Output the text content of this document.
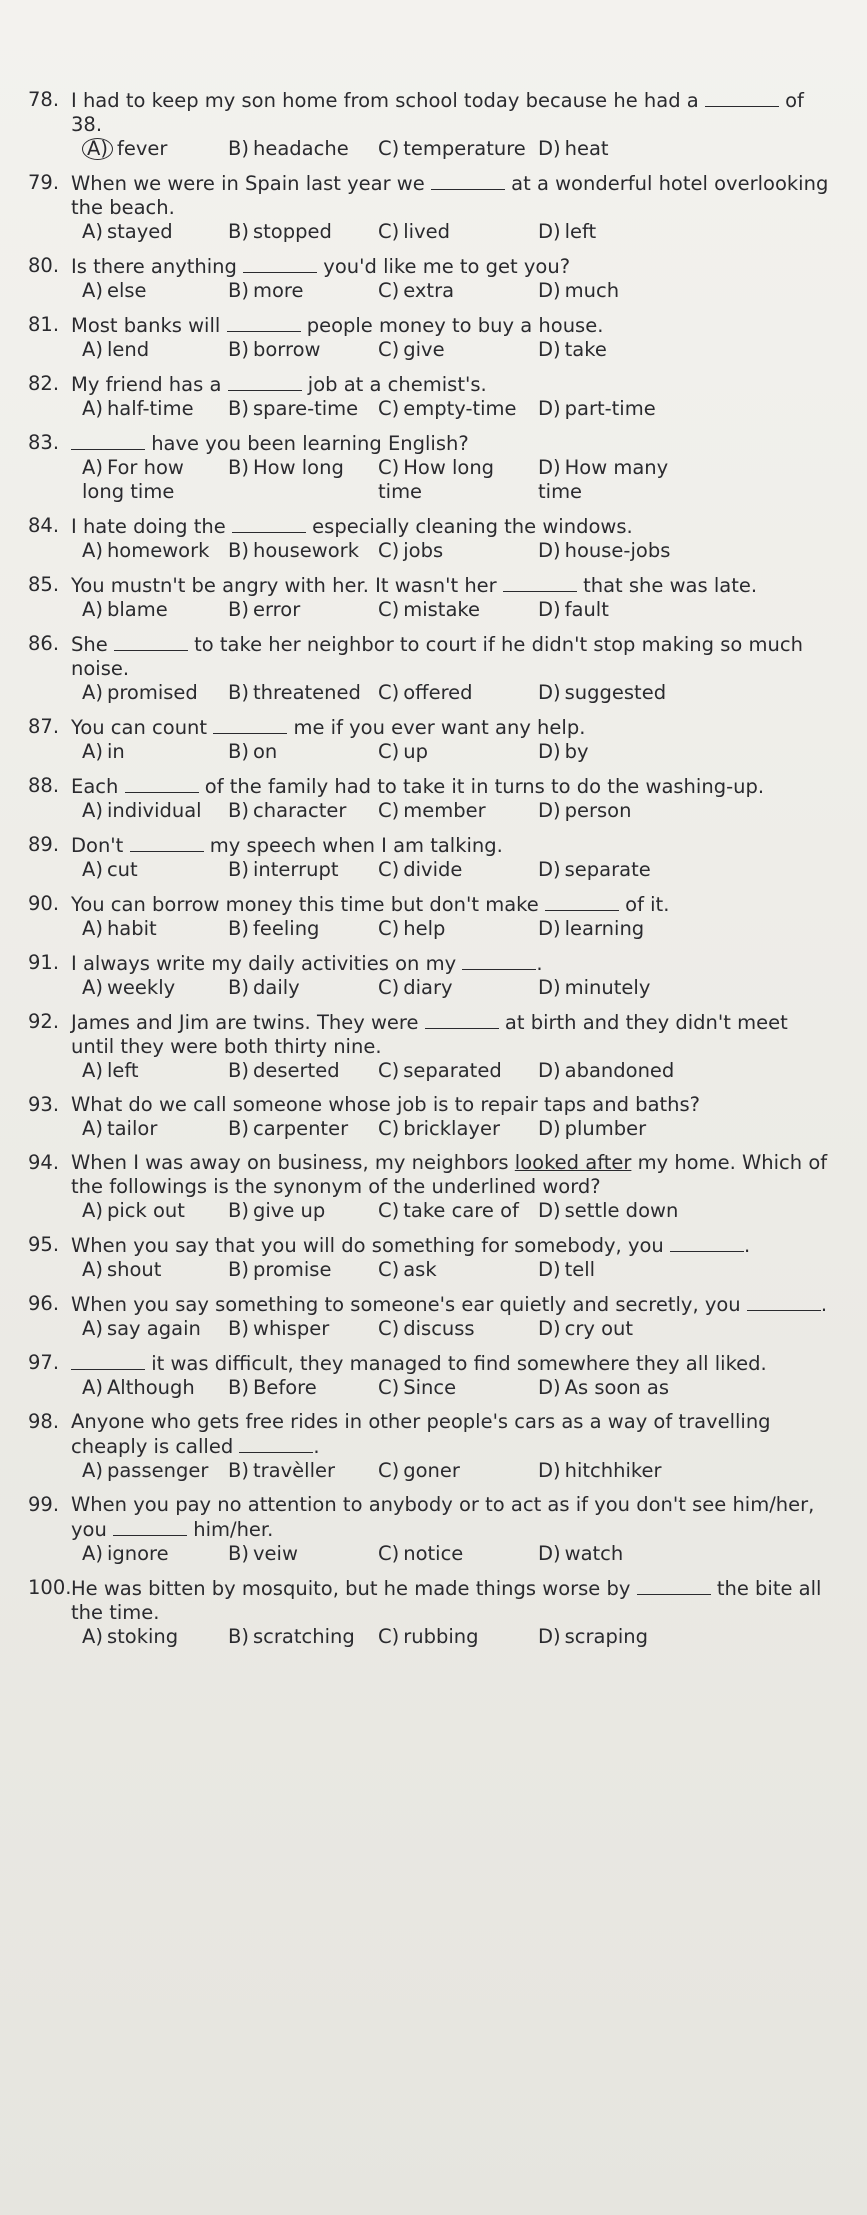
78. I had to keep my son home from school today because he had a	of 38.
A) fever	B) headache	C) temperature D) heat
79. When we were in Spain last year we	at a wonderful hotel overlooking the beach.
A) stayed	B) stopped	C) lived	D) left
80. Is there anything	you'd like me to get you?
A) else	B) more	C) extra	D) much
81. Most banks will	people money to buy a house.
A) lend	B) borrow	C) give	D) take
82. My friend has a	job at a chemist's.
A) half-time	B) spare-time	C) empty-time	D) part-time
83.	have you been learning English?
A) For how long time
B) How long	C) How long time
D) How many time
84. I hate doing the	especially cleaning the windows.
A) homework B) housework C) jobs	D) house-jobs
85. You mustn't be angry with her. It wasn't her	that she was late.
A) blame	B) error	C) mistake	D) fault
86. She	to take her neighbor to court if he didn't stop making so much noise.
A) promised	B) threatened C) offered	D) suggested
87. You can count	me if you ever want any help.
A) in	B) on	C) up	D) by
88. Each	of the family had to take it in turns to do the washing-up.
A) individual	B) character	C) member	D) person
89. Don't	my speech when I am talking.
A) cut	B) interrupt	C) divide	D) separate
90. You can borrow money this time but don't make	of it.
A) habit	B) feeling	C) help	D) learning
91. I always write my daily activities on my	.
A) weekly	B) daily	C) diary	D) minutely
92. James and Jim are twins. They were	at birth and they didn't meet until they were both thirty nine.
A) left	B) deserted	C) separated	D) abandoned
93. What do we call someone whose job is to repair taps and baths?
A) tailor	B) carpenter	C) bricklayer	D) plumber
94. When I was away on business, my neighbors looked after my home. Which of the followings is the synonym of the underlined word?
A) pick out	B) give up	C) take care of D) settle down
95. When you say that you will do something for somebody, you	.
A) shout	B) promise	C) ask	D) tell
96. When you say something to someone's ear quietly and secretly, you	.
A) say again	B) whisper	C) discuss	D) cry out
97.	it was difficult, they managed to find somewhere they all liked.
A) Although	B) Before	C) Since	D) As soon as
98. Anyone who gets free rides in other people's cars as a way of travelling cheaply is called	.
A) passenger	B) travèller	C) goner	D) hitchhiker
99. When you pay no attention to anybody or to act as if you don't see him/her, you	him/her.
A) ignore	B) veiw	C) notice	D) watch
100. He was bitten by mosquito, but he made things worse by	the bite all the time.
A) stoking	B) scratching	C) rubbing	D) scraping
